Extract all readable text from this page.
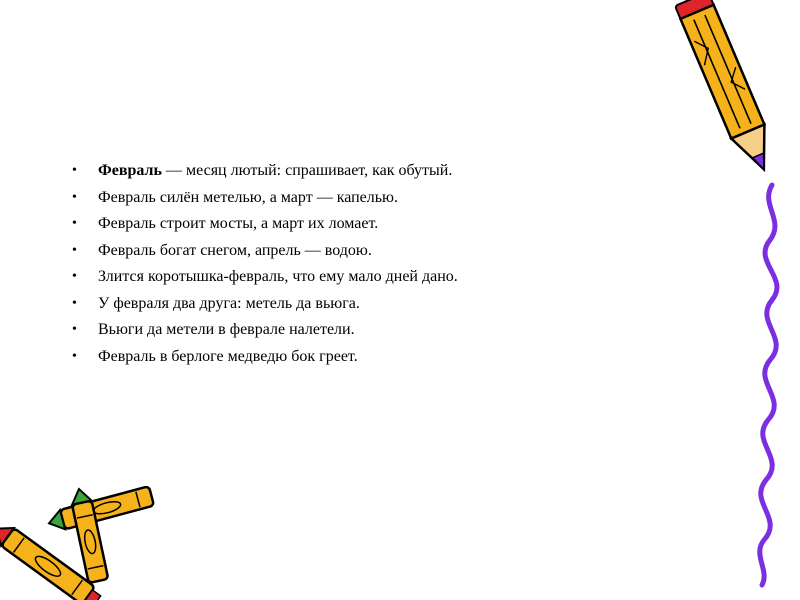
• Февраль — месяц лютый: спрашивает, как обутый.
• Февраль силён метелью, а март — капелью.
• Февраль строит мосты, а март их ломает.
• Февраль богат снегом, апрель — водою.
• Злится коротышка-февраль, что ему мало дней дано.
• У февраля два друга: метель да вьюга.
• Вьюги да метели в феврале налетели.
• Февраль в берлоге медведю бок греет.
